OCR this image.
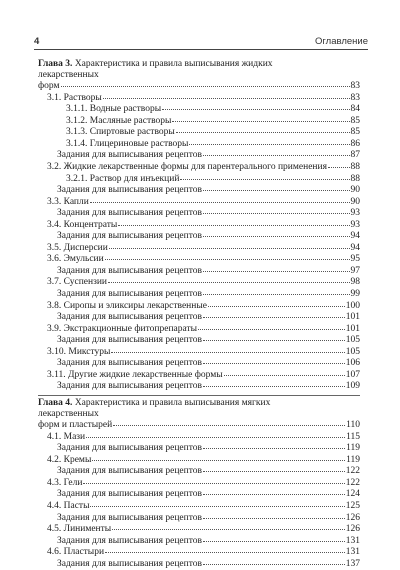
4	Оглавление
Глава 3. Характеристика и правила выписывания жидких лекарственных
форм	83
3.1. Растворы	83
3.1.1. Водные растворы	84
3.1.2. Масляные растворы	85
3.1.3. Спиртовые растворы	85
3.1.4. Глицериновые растворы	86
Задания для выписывания рецептов	87
3.2. Жидкие лекарственные формы для парентерального применения 88
3.2.1. Раствор для инъекций	88
Задания для выписывания рецептов	90
3.3. Капли	90
Задания для выписывания рецептов	93
3.4. Концентраты	93
Задания для выписывания рецептов	94
3.5. Дисперсии	94
3.6. Эмульсии	95
Задания для выписывания рецептов	97
3.7. Суспензии	98
Задания для выписывания рецептов	99
3.8. Сиропы и эликсиры лекарственные	100
Задания для выписывания рецептов	101
3.9. Экстракционные фитопрепараты	101
Задания для выписывания рецептов	105
3.10. Микстуры	105
Задания для выписывания рецептов	106
3.11. Другие жидкие лекарственные формы	107
Задания для выписывания рецептов	109
Глава 4. Характеристика и правила выписывания мягких лекарственных
форм и пластырей	110
4.1. Мази	115
Задания для выписывания рецептов	119
4.2. Кремы	119
Задания для выписывания рецептов	122
4.3. Гели	122
Задания для выписывания рецептов	124
4.4. Пасты	125
Задания для выписывания рецептов	126
4.5. Линименты	126
Задания для выписывания рецептов	131
4.6. Пластыри	131
Задания для выписывания рецептов	137
